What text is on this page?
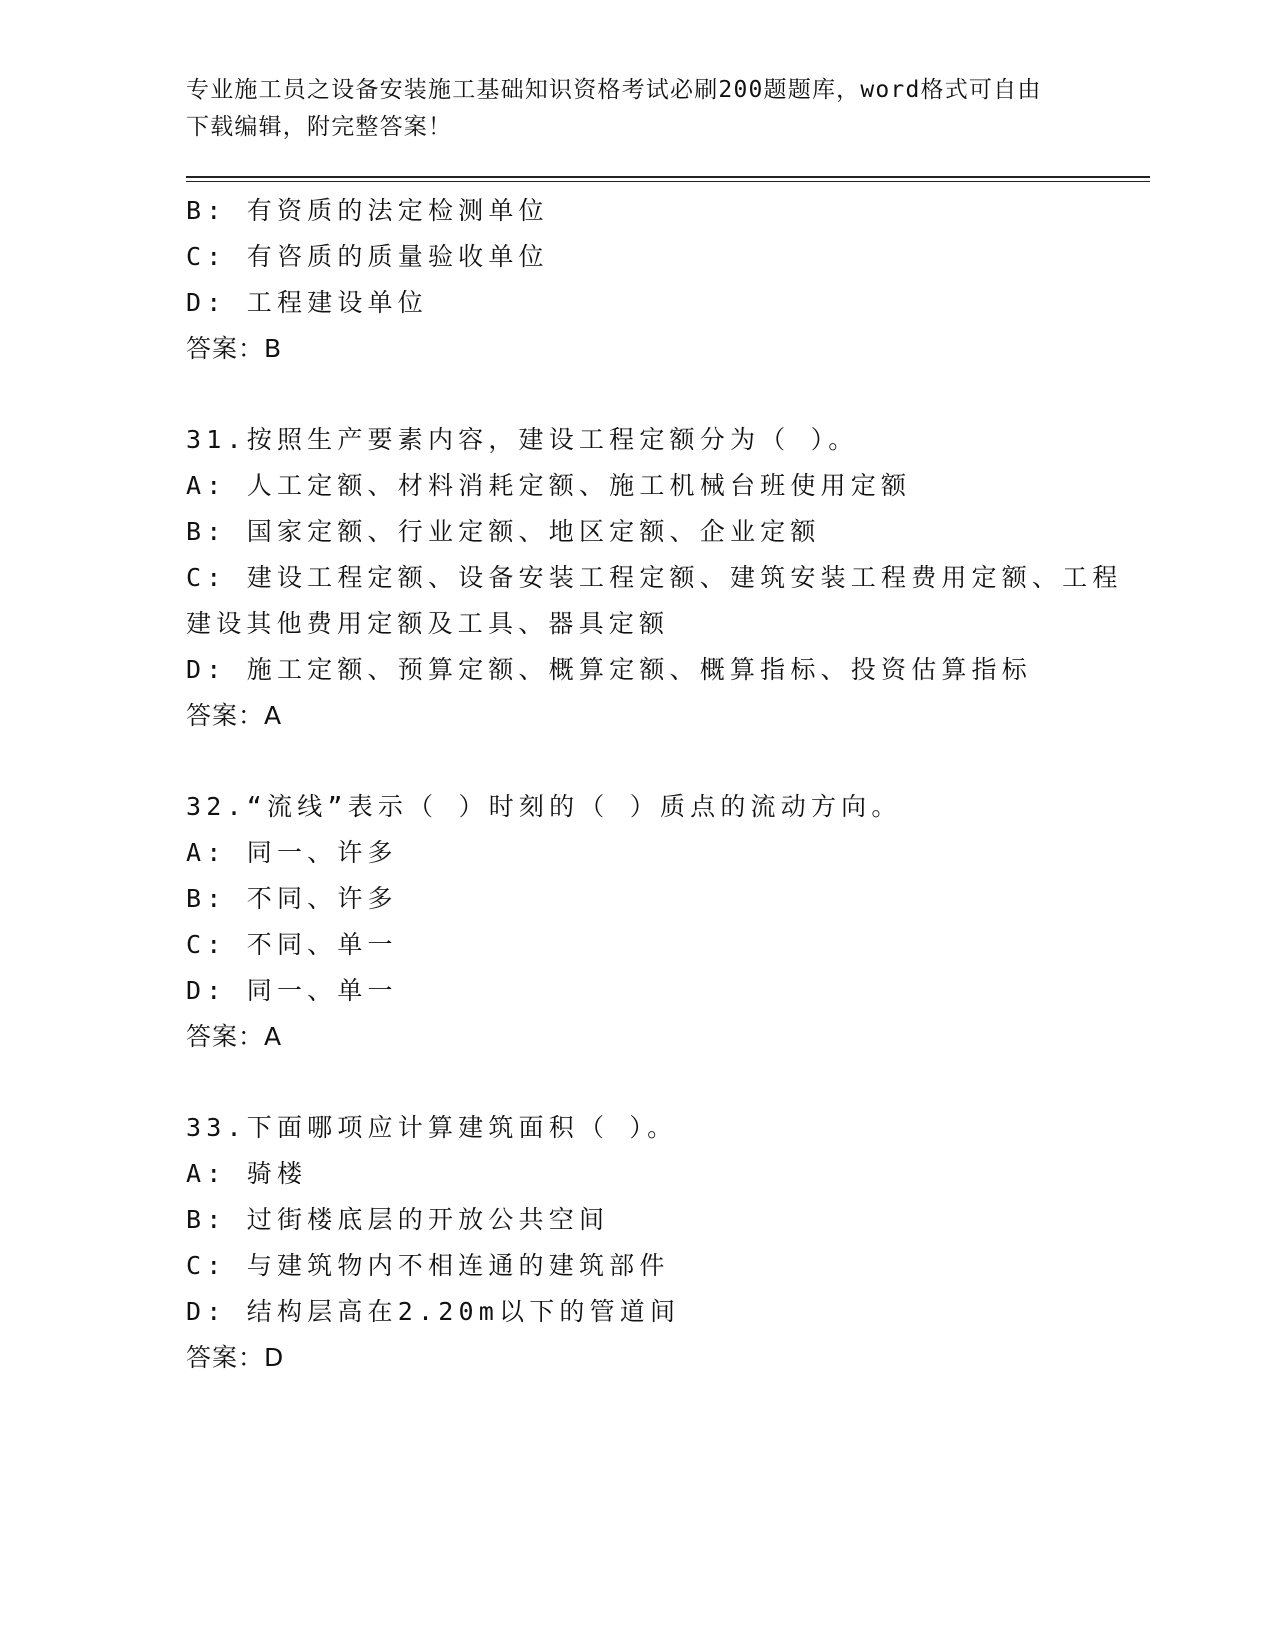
专业施工员之设备安装施工基础知识资格考试必刷200题题库，word格式可自由
下载编辑，附完整答案！
B: 有资质的法定检测单位
C: 有咨质的质量验收单位
D: 工程建设单位
答案：B
31.按照生产要素内容，建设工程定额分为（ ）。
A: 人工定额、材料消耗定额、施工机械台班使用定额
B: 国家定额、行业定额、地区定额、企业定额
C: 建设工程定额、设备安装工程定额、建筑安装工程费用定额、工程
建设其他费用定额及工具、器具定额
D: 施工定额、预算定额、概算定额、概算指标、投资估算指标
答案：A
32.“流线”表示（ ）时刻的（ ）质点的流动方向。
A: 同一、许多
B: 不同、许多
C: 不同、单一
D: 同一、单一
答案：A
33.下面哪项应计算建筑面积（ ）。
A: 骑楼
B: 过街楼底层的开放公共空间
C: 与建筑物内不相连通的建筑部件
D: 结构层高在2.20m以下的管道间
答案：D
